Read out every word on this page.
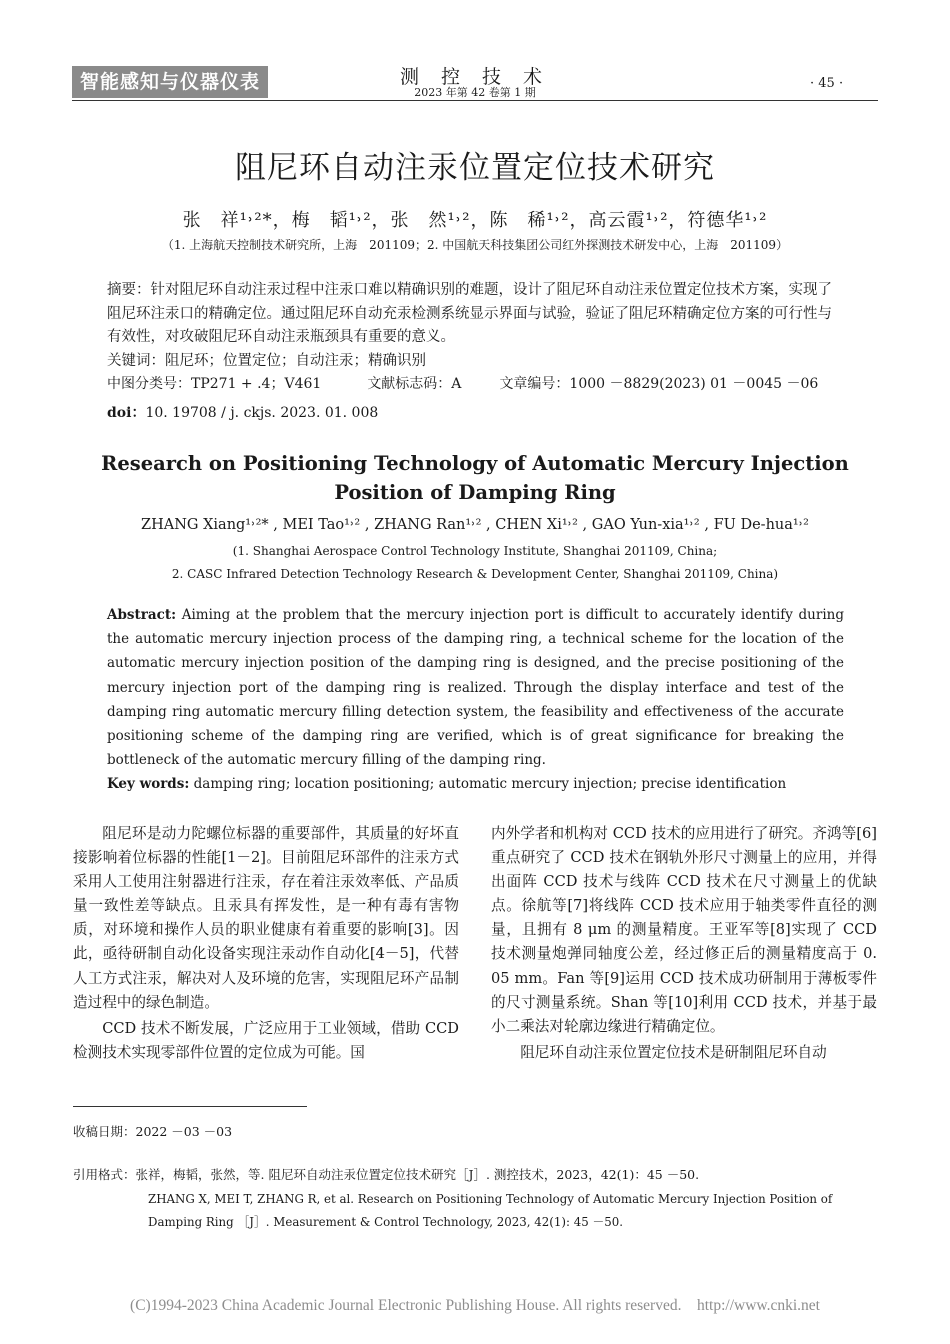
智能感知与仪器仪表	测 控 技 术
2023 年第 42 卷第 1 期
· 45 ·
阻尼环自动注汞位置定位技术研究
张　祥¹˒²*，梅　韬¹˒²，张　然¹˒²，陈　稀¹˒²，高云霞¹˒²，符德华¹˒²
（1. 上海航天控制技术研究所，上海　201109；2. 中国航天科技集团公司红外探测技术研发中心，上海　201109）
摘要：针对阻尼环自动注汞过程中注汞口难以精确识别的难题，设计了阻尼环自动注汞位置定位技术方案，实现了阻尼环注汞口的精确定位。通过阻尼环自动充汞检测系统显示界面与试验，验证了阻尼环精确定位方案的可行性与有效性，对攻破阻尼环自动注汞瓶颈具有重要的意义。
关键词：阻尼环；位置定位；自动注汞；精确识别
中图分类号：TP271 + .4；V461	文献标志码：A	文章编号：1000 －8829(2023) 01 －0045 －06
doi：10. 19708 / j. ckjs. 2023. 01. 008
Research on Positioning Technology of Automatic Mercury Injection
Position of Damping Ring
ZHANG Xiang¹˒²* , MEI Tao¹˒² , ZHANG Ran¹˒² , CHEN Xi¹˒² , GAO Yun-xia¹˒² , FU De-hua¹˒²
(1. Shanghai Aerospace Control Technology Institute, Shanghai 201109, China;
2. CASC Infrared Detection Technology Research & Development Center, Shanghai 201109, China)
Abstract: Aiming at the problem that the mercury injection port is difficult to accurately identify during the automatic mercury injection process of the damping ring, a technical scheme for the location of the automatic mercury injection position of the damping ring is designed, and the precise positioning of the mercury injection port of the damping ring is realized. Through the display interface and test of the damping ring automatic mercury filling detection system, the feasibility and effectiveness of the accurate positioning scheme of the damping ring are verified, which is of great significance for breaking the bottleneck of the automatic mercury filling of the damping ring.
Key words: damping ring; location positioning; automatic mercury injection; precise identification

阻尼环是动力陀螺位标器的重要部件，其质量的好坏直接影响着位标器的性能[1－2]。目前阻尼环部件的注汞方式采用人工使用注射器进行注汞，存在着注汞效率低、产品质量一致性差等缺点。且汞具有挥发性，是一种有毒有害物质，对环境和操作人员的职业健康有着重要的影响[3]。因此，亟待研制自动化设备实现注汞动作自动化[4－5]，代替人工方式注汞，解决对人及环境的危害，实现阻尼环产品制造过程中的绿色制造。

CCD 技术不断发展，广泛应用于工业领域，借助 CCD 检测技术实现零部件位置的定位成为可能。国

内外学者和机构对 CCD 技术的应用进行了研究。齐鸿等[6]重点研究了 CCD 技术在钢轨外形尺寸测量上的应用，并得出面阵 CCD 技术与线阵 CCD 技术在尺寸测量上的优缺点。徐航等[7]将线阵 CCD 技术应用于轴类零件直径的测量，且拥有 8 μm 的测量精度。王亚军等[8]实现了 CCD 技术测量炮弹同轴度公差，经过修正后的测量精度高于 0. 05 mm。Fan 等[9]运用 CCD 技术成功研制用于薄板零件的尺寸测量系统。Shan 等[10]利用 CCD 技术，并基于最小二乘法对轮廓边缘进行精确定位。

阻尼环自动注汞位置定位技术是研制阻尼环自动

收稿日期：2022 －03 －03
引用格式：张祥，梅韬，张然，等. 阻尼环自动注汞位置定位技术研究［J］. 测控技术，2023，42(1)：45 －50.
ZHANG X, MEI T, ZHANG R, et al. Research on Positioning Technology of Automatic Mercury Injection Position of Damping Ring ［J］. Measurement & Control Technology, 2023, 42(1): 45 －50.
(C)1994-2023 China Academic Journal Electronic Publishing House. All rights reserved.    http://www.cnki.net
